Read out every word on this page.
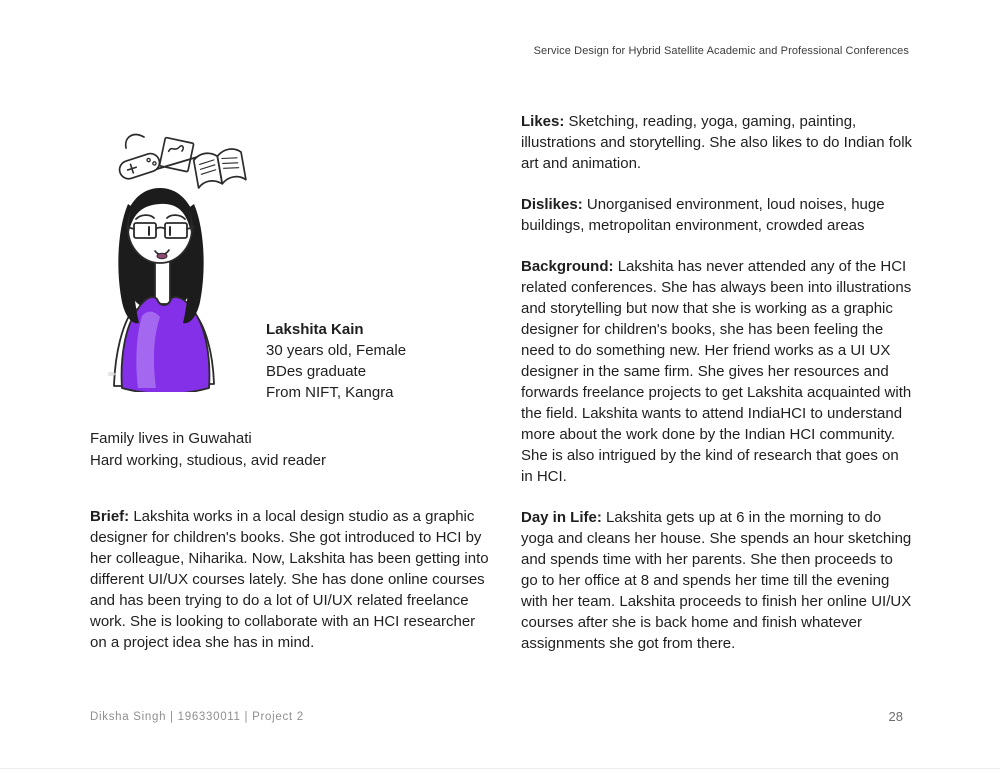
Service Design for Hybrid Satellite Academic and Professional Conferences
Lakshita Kain
30 years old, Female
BDes graduate
From NIFT, Kangra
Family lives in Guwahati
Hard working, studious, avid reader

Brief: Lakshita works in a local design studio as a graphic designer for children's books. She got introduced to HCI by her colleague, Niharika. Now, Lakshita has been getting into different UI/UX courses lately. She has done online courses and has been trying to do a lot of UI/UX related freelance work. She is looking to collaborate with an HCI researcher on a project idea she has in mind.

Likes: Sketching, reading, yoga, gaming, painting, illustrations and storytelling. She also likes to do Indian folk art and animation.

Dislikes: Unorganised environment, loud noises, huge buildings, metropolitan environment, crowded areas

Background: Lakshita has never attended any of the HCI related conferences. She has always been into illustrations and storytelling but now that she is working as a graphic designer for children's books, she has been feeling the need to do something new. Her friend works as a UI UX designer in the same firm. She gives her resources and forwards freelance projects to get Lakshita acquainted with the field. Lakshita wants to attend IndiaHCI to understand more about the work done by the Indian HCI community. She is also intrigued by the kind of research that goes on in HCI.

Day in Life: Lakshita gets up at 6 in the morning to do yoga and cleans her house. She spends an hour sketching and spends time with her parents. She then proceeds to go to her office at 8 and spends her time till the evening with her team. Lakshita proceeds to finish her online UI/UX courses after she is back home and finish whatever assignments she got from there.

Diksha Singh | 196330011 | Project 2	28
